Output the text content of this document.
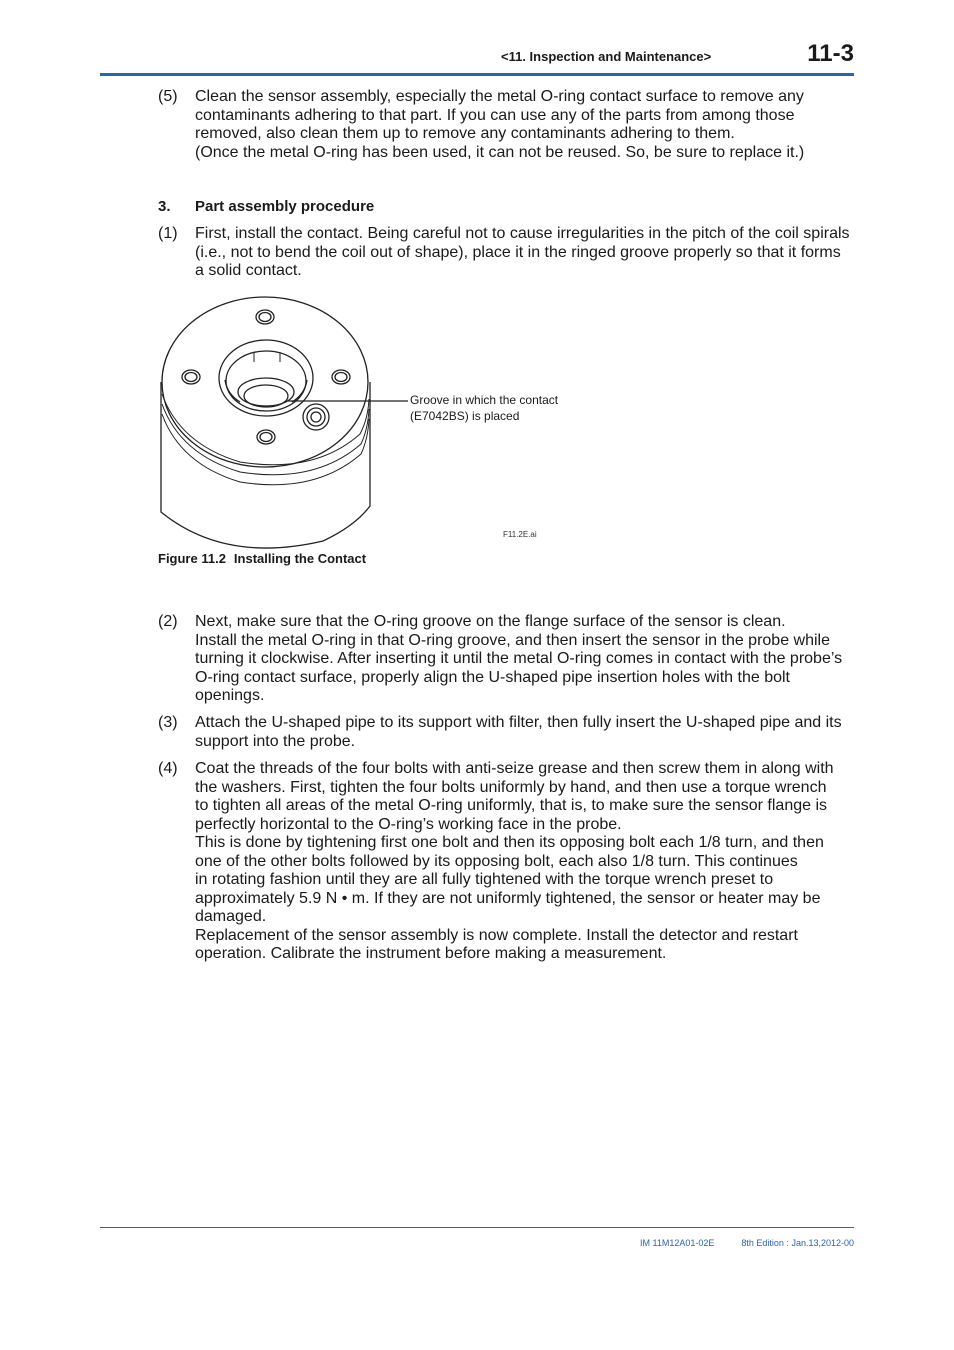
<11. Inspection and Maintenance>	11-3
(5) Clean the sensor assembly, especially the metal O-ring contact surface to remove any
contaminants adhering to that part. If you can use any of the parts from among those
removed, also clean them up to remove any contaminants adhering to them.
(Once the metal O-ring has been used, it can not be reused. So, be sure to replace it.)
3. Part assembly procedure
(1) First, install the contact. Being careful not to cause irregularities in the pitch of the coil spirals
(i.e., not to bend the coil out of shape), place it in the ringed groove properly so that it forms
a solid contact.
Groove in which the contact
(E7042BS) is placed
F11.2E.ai
Figure 11.2 Installing the Contact
(2) Next, make sure that the O-ring groove on the flange surface of the sensor is clean.
Install the metal O-ring in that O-ring groove, and then insert the sensor in the probe while
turning it clockwise. After inserting it until the metal O-ring comes in contact with the probe’s
O-ring contact surface, properly align the U-shaped pipe insertion holes with the bolt
openings.
(3) Attach the U-shaped pipe to its support with filter, then fully insert the U-shaped pipe and its
support into the probe.
(4) Coat the threads of the four bolts with anti-seize grease and then screw them in along with
the washers. First, tighten the four bolts uniformly by hand, and then use a torque wrench
to tighten all areas of the metal O-ring uniformly, that is, to make sure the sensor flange is
perfectly horizontal to the O-ring’s working face in the probe.
This is done by tightening first one bolt and then its opposing bolt each 1/8 turn, and then
one of the other bolts followed by its opposing bolt, each also 1/8 turn. This continues
in rotating fashion until they are all fully tightened with the torque wrench preset to
approximately 5.9 N • m. If they are not uniformly tightened, the sensor or heater may be
damaged.
Replacement of the sensor assembly is now complete. Install the detector and restart
operation. Calibrate the instrument before making a measurement.
IM 11M12A01-02E	8th Edition : Jan.13,2012-00
